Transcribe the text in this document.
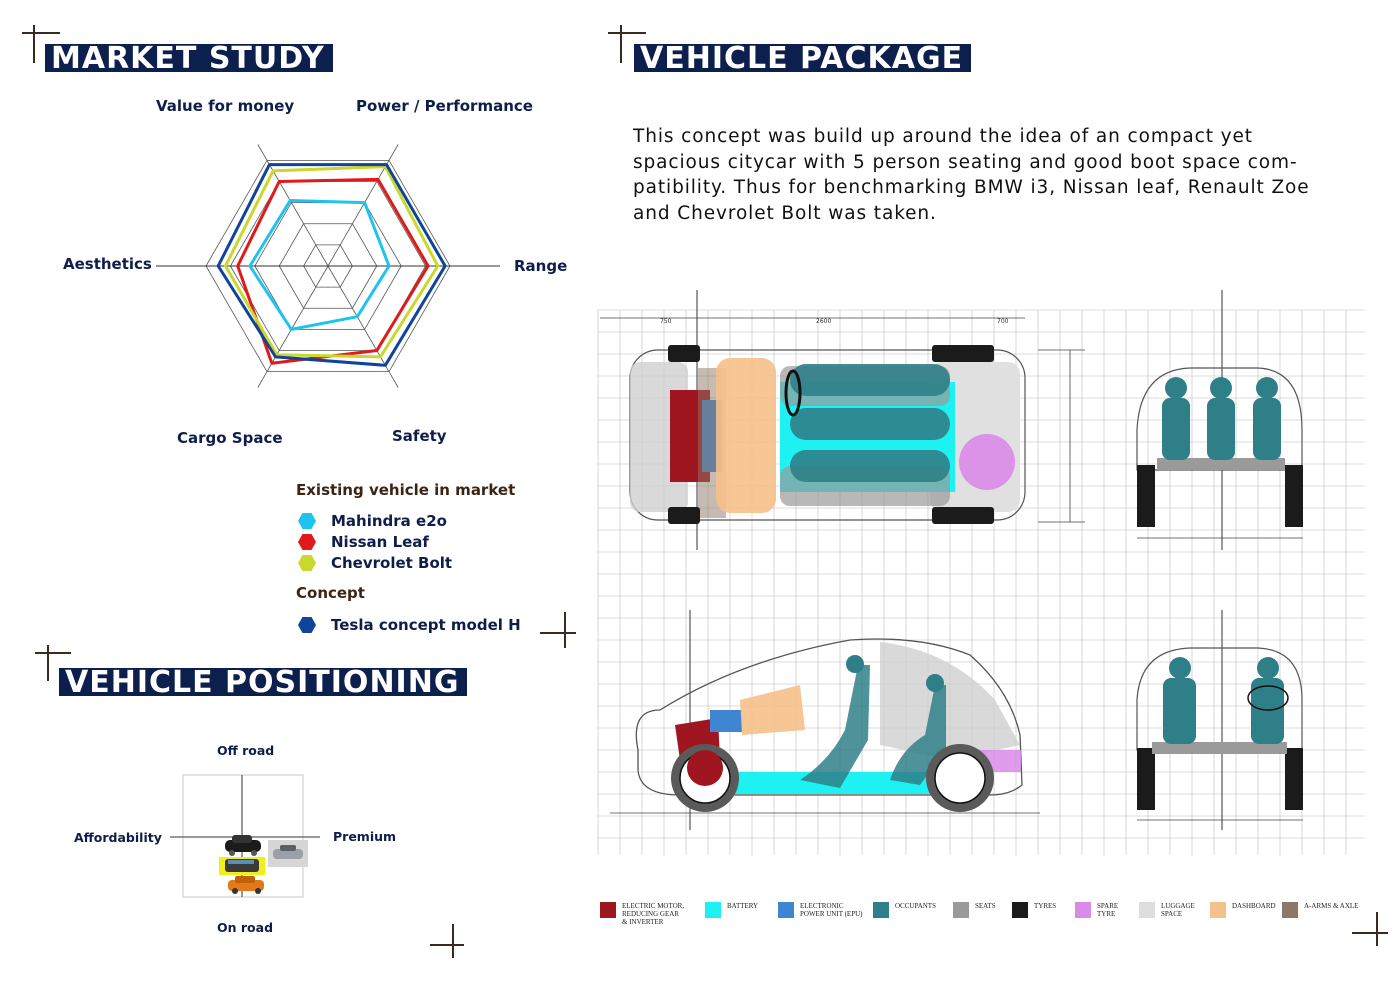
MARKET STUDY	VEHICLE PACKAGE
VEHICLE POSITIONING
Value for money	Power / Performance
Range
Safety
Cargo Space
Aesthetics
Existing vehicle in market
Mahindra e2o
Nissan Leaf
Chevrolet Bolt
Concept
Tesla concept model H
This concept was build up around the idea of an compact yet
spacious citycar with 5 person seating and good boot space com-
patibility. Thus for benchmarking BMW i3, Nissan leaf, Renault Zoe
and Chevrolet Bolt was taken.
Off road
On road
Affordability	Premium
750	2600	700
ELECTRIC MOTOR, REDUCING GEAR & INVERTER
BATTERY	ELECTRONIC POWER UNIT (EPU)
OCCUPANTS	SEATS	TYRES	SPARE TYRE
LUGGAGE SPACE
DASHBOARD	A-ARMS & AXLE
